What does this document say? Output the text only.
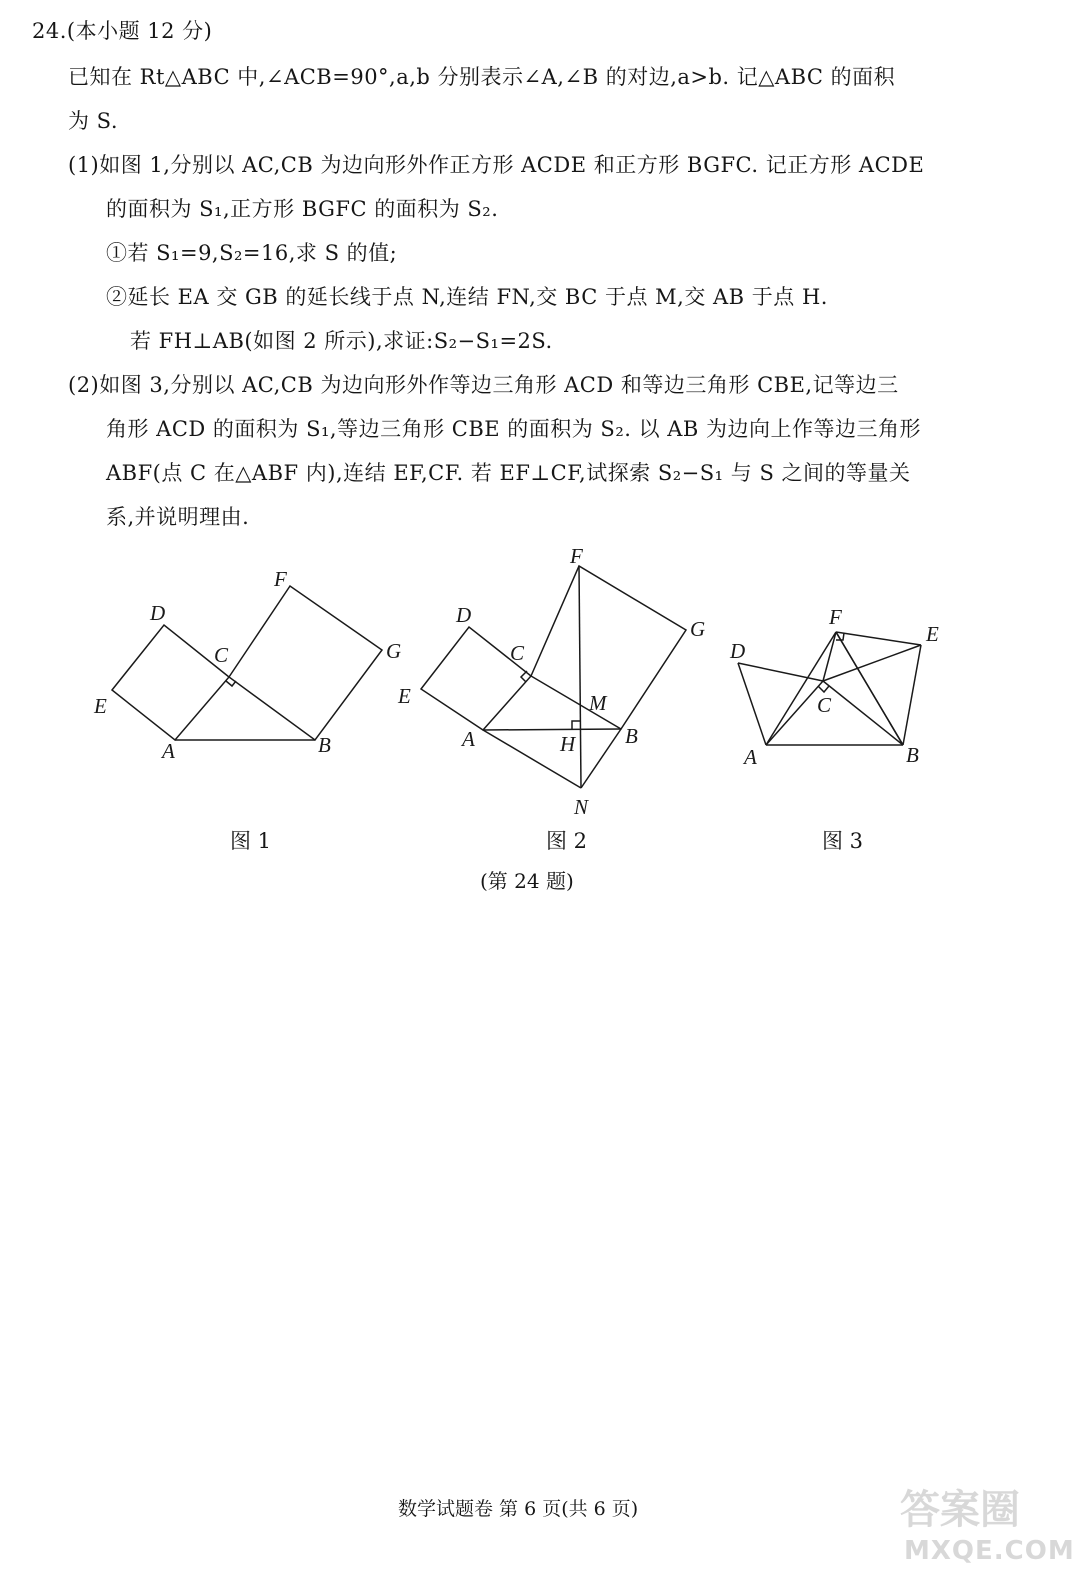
24.(本小题 12 分)
已知在 Rt△ABC 中,∠ACB=90°,a,b 分别表示∠A,∠B 的对边,a>b. 记△ABC 的面积
为 S.
(1)如图 1,分别以 AC,CB 为边向形外作正方形 ACDE 和正方形 BGFC. 记正方形 ACDE
的面积为 S₁,正方形 BGFC 的面积为 S₂.
①若 S₁=9,S₂=16,求 S 的值;
②延长 EA 交 GB 的延长线于点 N,连结 FN,交 BC 于点 M,交 AB 于点 H.
若 FH⊥AB(如图 2 所示),求证:S₂−S₁=2S.
(2)如图 3,分别以 AC,CB 为边向形外作等边三角形 ACD 和等边三角形 CBE,记等边三
角形 ACD 的面积为 S₁,等边三角形 CBE 的面积为 S₂. 以 AB 为边向上作等边三角形
ABF(点 C 在△ABF 内),连结 EF,CF. 若 EF⊥CF,试探索 S₂−S₁ 与 S 之间的等量关
系,并说明理由.
D
E
A
C
F
G
B
图 1
F
D
C
G
E	M
A	H B
N
图 2
F
E
D
C
A	B
图 3
(第 24 题)
数学试题卷 第 6 页(共 6 页)	答案圈
MXQE.COM
